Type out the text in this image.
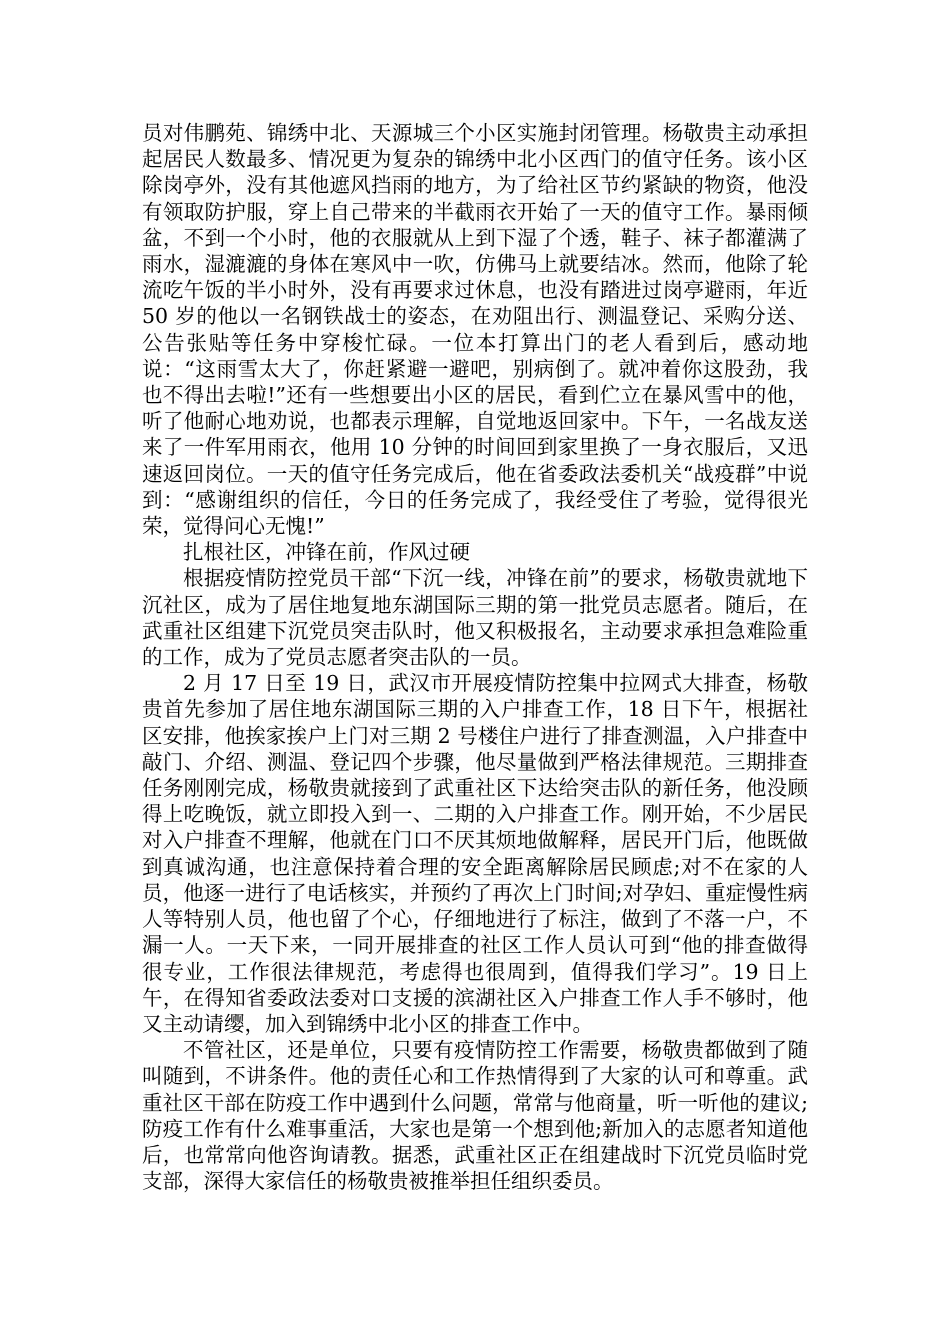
员对伟鹏苑、锦绣中北、天源城三个小区实施封闭管理。杨敬贵主动承担起居民人数最多、情况更为复杂的锦绣中北小区西门的值守任务。该小区除岗亭外，没有其他遮风挡雨的地方，为了给社区节约紧缺的物资，他没有领取防护服，穿上自己带来的半截雨衣开始了一天的值守工作。暴雨倾盆，不到一个小时，他的衣服就从上到下湿了个透，鞋子、袜子都灌满了雨水，湿漉漉的身体在寒风中一吹，仿佛马上就要结冰。然而，他除了轮流吃午饭的半小时外，没有再要求过休息，也没有踏进过岗亭避雨，年近 50 岁的他以一名钢铁战士的姿态，在劝阻出行、测温登记、采购分送、公告张贴等任务中穿梭忙碌。一位本打算出门的老人看到后，感动地说：“这雨雪太大了，你赶紧避一避吧，别病倒了。就冲着你这股劲，我也不得出去啦!”还有一些想要出小区的居民，看到伫立在暴风雪中的他，听了他耐心地劝说，也都表示理解，自觉地返回家中。下午，一名战友送来了一件军用雨衣，他用 10 分钟的时间回到家里换了一身衣服后，又迅速返回岗位。一天的值守任务完成后，他在省委政法委机关“战疫群”中说到：“感谢组织的信任，今日的任务完成了，我经受住了考验，觉得很光荣，觉得问心无愧!”

扎根社区，冲锋在前，作风过硬

根据疫情防控党员干部“下沉一线，冲锋在前”的要求，杨敬贵就地下沉社区，成为了居住地复地东湖国际三期的第一批党员志愿者。随后，在武重社区组建下沉党员突击队时，他又积极报名，主动要求承担急难险重的工作，成为了党员志愿者突击队的一员。

2 月 17 日至 19 日，武汉市开展疫情防控集中拉网式大排查，杨敬贵首先参加了居住地东湖国际三期的入户排查工作，18 日下午，根据社区安排，他挨家挨户上门对三期 2 号楼住户进行了排查测温，入户排查中敲门、介绍、测温、登记四个步骤，他尽量做到严格法律规范。三期排查任务刚刚完成，杨敬贵就接到了武重社区下达给突击队的新任务，他没顾得上吃晚饭，就立即投入到一、二期的入户排查工作。刚开始，不少居民对入户排查不理解，他就在门口不厌其烦地做解释，居民开门后，他既做到真诚沟通，也注意保持着合理的安全距离解除居民顾虑;对不在家的人员，他逐一进行了电话核实，并预约了再次上门时间;对孕妇、重症慢性病人等特别人员，他也留了个心，仔细地进行了标注，做到了不落一户，不漏一人。一天下来，一同开展排查的社区工作人员认可到“他的排查做得很专业，工作很法律规范，考虑得也很周到，值得我们学习”。19 日上午，在得知省委政法委对口支援的滨湖社区入户排查工作人手不够时，他又主动请缨，加入到锦绣中北小区的排查工作中。

不管社区，还是单位，只要有疫情防控工作需要，杨敬贵都做到了随叫随到，不讲条件。他的责任心和工作热情得到了大家的认可和尊重。武重社区干部在防疫工作中遇到什么问题，常常与他商量，听一听他的建议;防疫工作有什么难事重活，大家也是第一个想到他;新加入的志愿者知道他后，也常常向他咨询请教。据悉，武重社区正在组建战时下沉党员临时党支部，深得大家信任的杨敬贵被推举担任组织委员。
